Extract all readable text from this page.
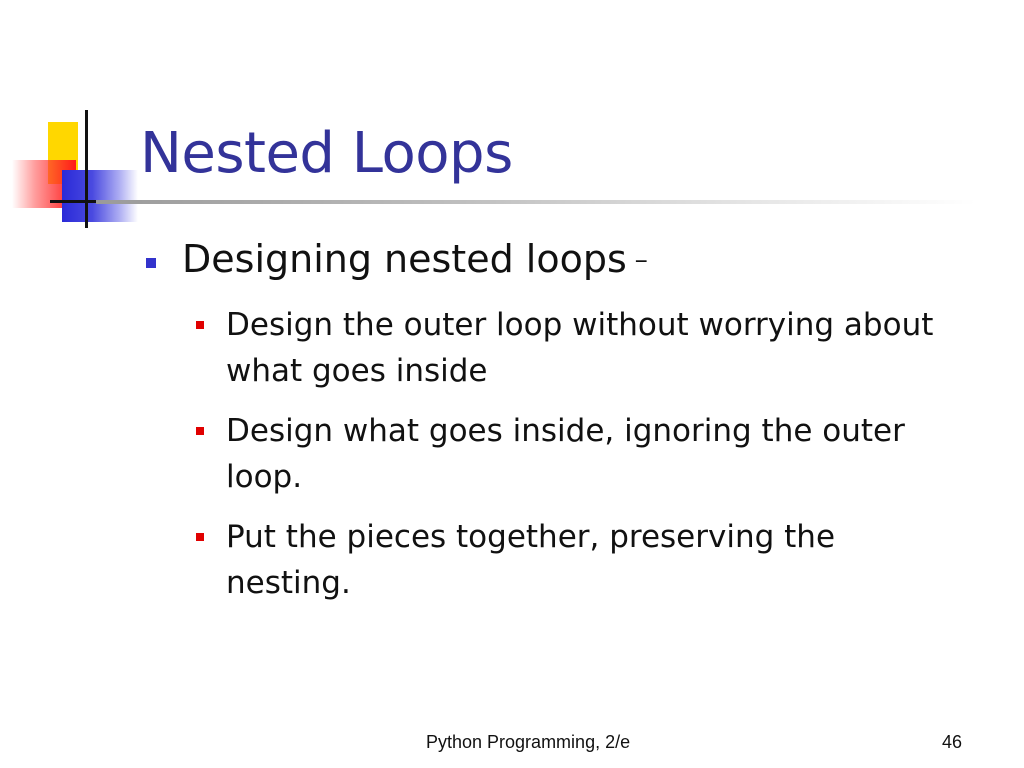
Nested Loops
Designing nested loops –
Design the outer loop without worrying about what goes inside
Design what goes inside, ignoring the outer loop.
Put the pieces together, preserving the nesting.
Python Programming, 2/e	46
